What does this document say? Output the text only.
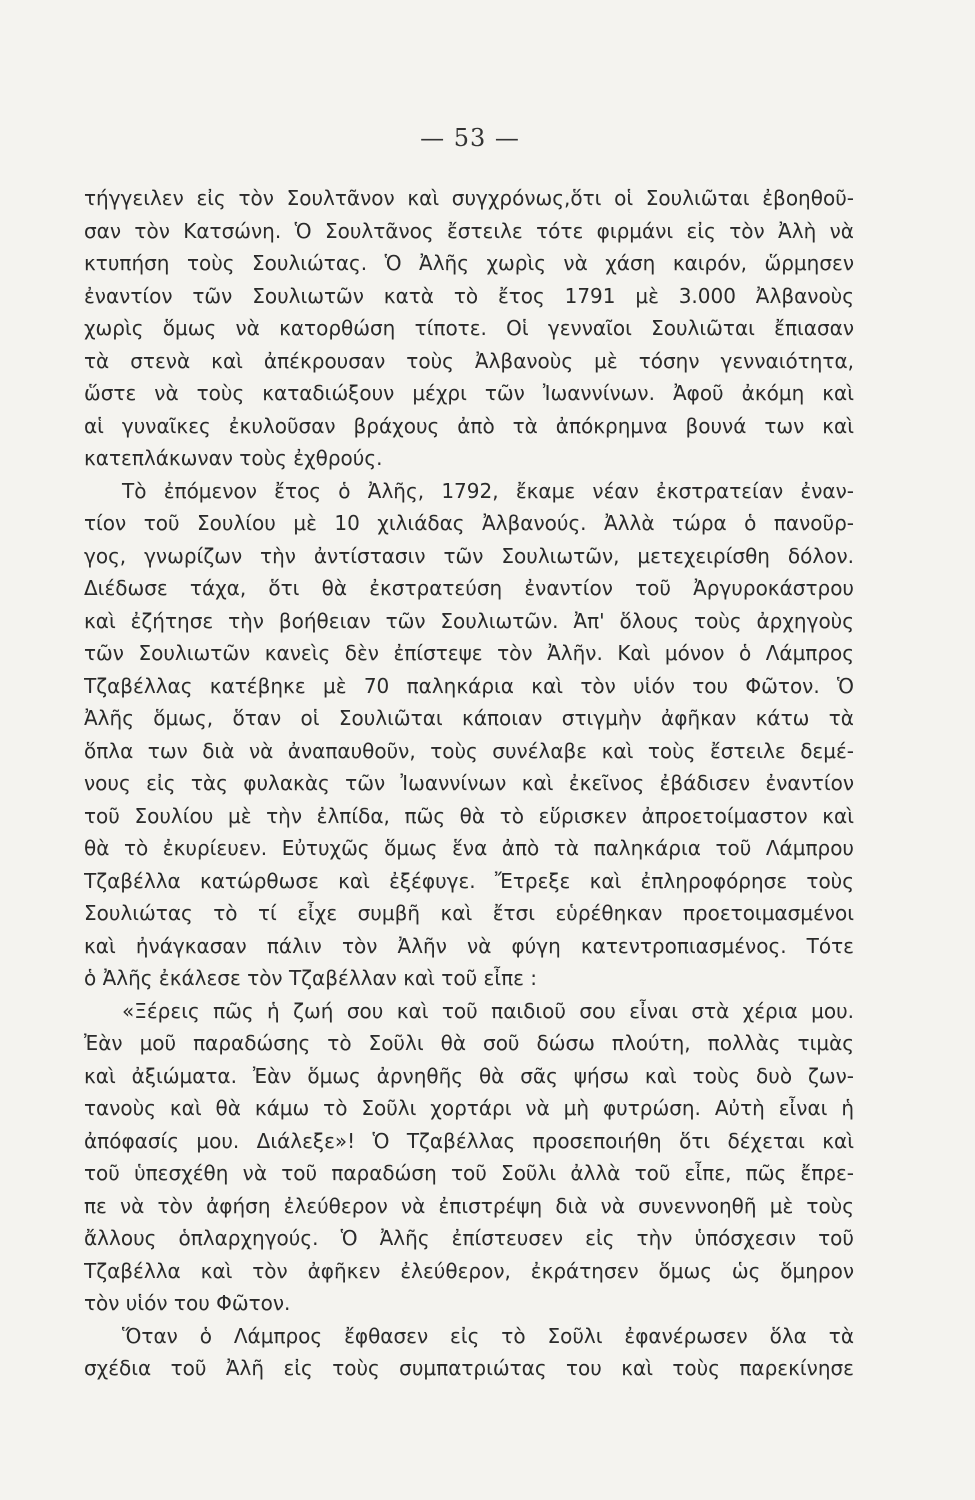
— 53 —
τήγγειλεν εἰς τὸν Σουλτᾶνον καὶ συγχρόνως,ὅτι οἱ Σουλιῶται ἐβοηθοῦ-
σαν τὸν Κατσώνη. Ὁ Σουλτᾶνος ἔστειλε τότε φιρμάνι εἰς τὸν Ἀλὴ νὰ
κτυπήση τοὺς Σουλιώτας. Ὁ Ἀλῆς χωρὶς νὰ χάση καιρόν, ὥρμησεν
ἐναντίον τῶν Σουλιωτῶν κατὰ τὸ ἔτος 1791 μὲ 3.000 Ἀλβανοὺς
χωρὶς ὅμως νὰ κατορθώση τίποτε. Οἱ γενναῖοι Σουλιῶται ἔπιασαν
τὰ στενὰ καὶ ἀπέκρουσαν τοὺς Ἀλβανοὺς μὲ τόσην γενναιότητα,
ὥστε νὰ τοὺς καταδιώξουν μέχρι τῶν Ἰωαννίνων. Ἀφοῦ ἀκόμη καὶ
αἱ γυναῖκες ἐκυλοῦσαν βράχους ἀπὸ τὰ ἀπόκρημνα βουνά των καὶ
κατεπλάκωναν τοὺς ἐχθρούς.
Τὸ ἐπόμενον ἔτος ὁ Ἀλῆς, 1792, ἔκαμε νέαν ἐκστρατείαν ἐναν-
τίον τοῦ Σουλίου μὲ 10 χιλιάδας Ἀλβανούς. Ἀλλὰ τώρα ὁ πανοῦρ-
γος, γνωρίζων τὴν ἀντίστασιν τῶν Σουλιωτῶν, μετεχειρίσθη δόλον.
Διέδωσε τάχα, ὅτι θὰ ἐκστρατεύση ἐναντίον τοῦ Ἀργυροκάστρου
καὶ ἐζήτησε τὴν βοήθειαν τῶν Σουλιωτῶν. Ἀπ' ὅλους τοὺς ἀρχηγοὺς
τῶν Σουλιωτῶν κανεὶς δὲν ἐπίστεψε τὸν Ἀλῆν. Καὶ μόνον ὁ Λάμπρος
Τζαβέλλας κατέβηκε μὲ 70 παληκάρια καὶ τὸν υἱόν του Φῶτον. Ὁ
Ἀλῆς ὅμως, ὅταν οἱ Σουλιῶται κάποιαν στιγμὴν ἀφῆκαν κάτω τὰ
ὅπλα των διὰ νὰ ἀναπαυθοῦν, τοὺς συνέλαβε καὶ τοὺς ἔστειλε δεμέ-
νους εἰς τὰς φυλακὰς τῶν Ἰωαννίνων καὶ ἐκεῖνος ἐβάδισεν ἐναντίον
τοῦ Σουλίου μὲ τὴν ἐλπίδα, πῶς θὰ τὸ εὕρισκεν ἀπροετοίμαστον καὶ
θὰ τὸ ἐκυρίευεν. Εὐτυχῶς ὅμως ἕνα ἀπὸ τὰ παληκάρια τοῦ Λάμπρου
Τζαβέλλα κατώρθωσε καὶ ἐξέφυγε. Ἔτρεξε καὶ ἐπληροφόρησε τοὺς
Σουλιώτας τὸ τί εἶχε συμβῆ καὶ ἔτσι εὑρέθηκαν προετοιμασμένοι
καὶ ἠνάγκασαν πάλιν τὸν Ἀλῆν νὰ φύγη κατεντροπιασμένος. Τότε
ὁ Ἀλῆς ἐκάλεσε τὸν Τζαβέλλαν καὶ τοῦ εἶπε :
«Ξέρεις πῶς ἡ ζωή σου καὶ τοῦ παιδιοῦ σου εἶναι στὰ χέρια μου.
Ἐὰν μοῦ παραδώσης τὸ Σοῦλι θὰ σοῦ δώσω πλούτη, πολλὰς τιμὰς
καὶ ἀξιώματα. Ἐὰν ὅμως ἀρνηθῆς θὰ σᾶς ψήσω καὶ τοὺς δυὸ ζων-
τανοὺς καὶ θὰ κάμω τὸ Σοῦλι χορτάρι νὰ μὴ φυτρώση. Αὐτὴ εἶναι ἡ
ἀπόφασίς μου. Διάλεξε»! Ὁ Τζαβέλλας προσεποιήθη ὅτι δέχεται καὶ
τοῦ ὑπεσχέθη νὰ τοῦ παραδώση τοῦ Σοῦλι ἀλλὰ τοῦ εἶπε, πῶς ἔπρε-
πε νὰ τὸν ἀφήση ἐλεύθερον νὰ ἐπιστρέψη διὰ νὰ συνεννοηθῆ μὲ τοὺς
ἄλλους ὁπλαρχηγούς. Ὁ Ἀλῆς ἐπίστευσεν εἰς τὴν ὑπόσχεσιν τοῦ
Τζαβέλλα καὶ τὸν ἀφῆκεν ἐλεύθερον, ἐκράτησεν ὅμως ὡς ὅμηρον
τὸν υἱόν του Φῶτον.
Ὅταν ὁ Λάμπρος ἔφθασεν εἰς τὸ Σοῦλι ἐφανέρωσεν ὅλα τὰ
σχέδια τοῦ Ἀλῆ εἰς τοὺς συμπατριώτας του καὶ τοὺς παρεκίνησε
